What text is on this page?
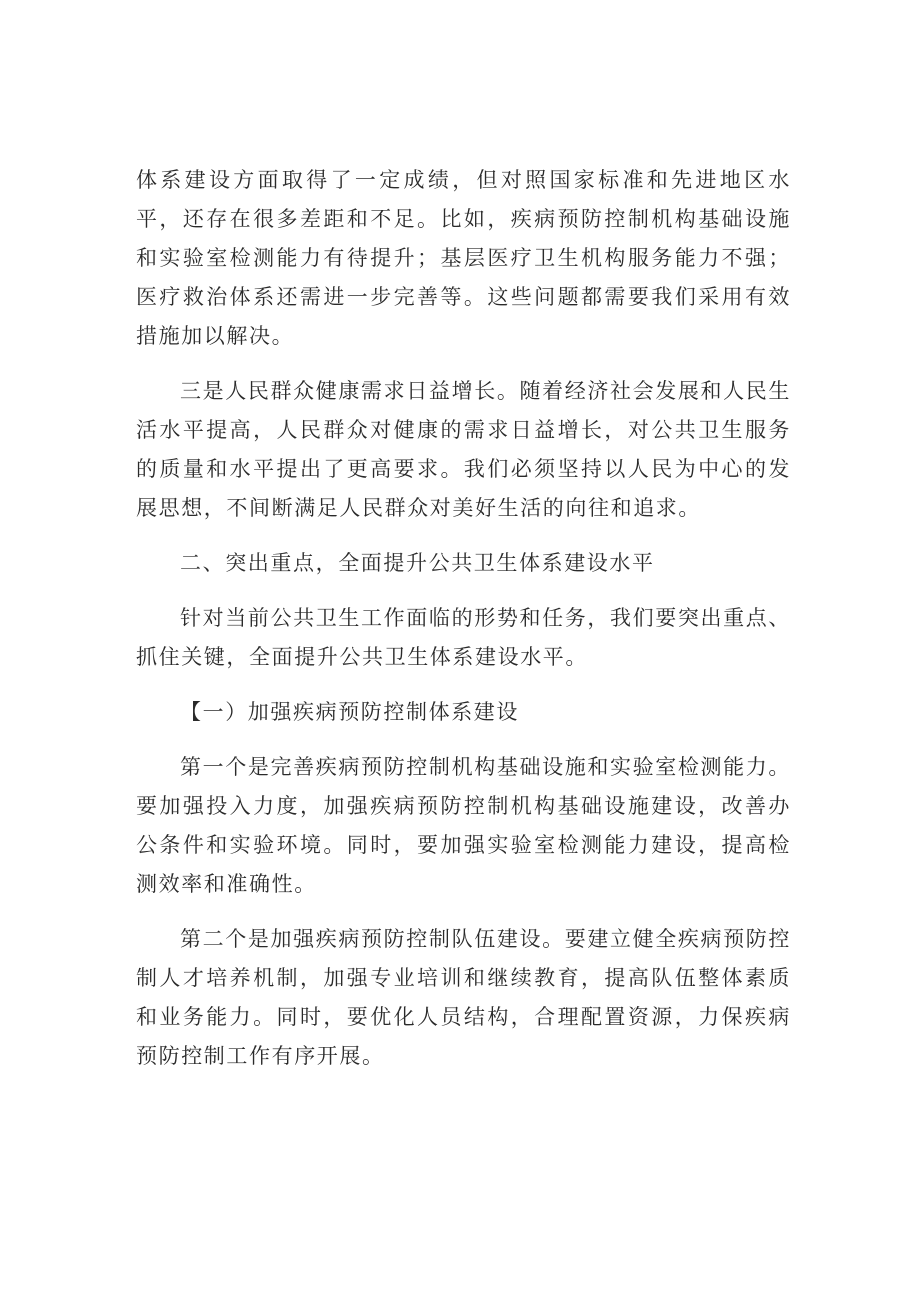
体系建设方面取得了一定成绩，但对照国家标准和先进地区水平，还存在很多差距和不足。比如，疾病预防控制机构基础设施和实验室检测能力有待提升；基层医疗卫生机构服务能力不强；医疗救治体系还需进一步完善等。这些问题都需要我们采用有效措施加以解决。

三是人民群众健康需求日益增长。随着经济社会发展和人民生活水平提高，人民群众对健康的需求日益增长，对公共卫生服务的质量和水平提出了更高要求。我们必须坚持以人民为中心的发展思想，不间断满足人民群众对美好生活的向往和追求。

二、突出重点，全面提升公共卫生体系建设水平

针对当前公共卫生工作面临的形势和任务，我们要突出重点、抓住关键，全面提升公共卫生体系建设水平。

【一）加强疾病预防控制体系建设

第一个是完善疾病预防控制机构基础设施和实验室检测能力。要加强投入力度，加强疾病预防控制机构基础设施建设，改善办公条件和实验环境。同时，要加强实验室检测能力建设，提高检测效率和准确性。

第二个是加强疾病预防控制队伍建设。要建立健全疾病预防控制人才培养机制，加强专业培训和继续教育，提高队伍整体素质和业务能力。同时，要优化人员结构，合理配置资源，力保疾病预防控制工作有序开展。
